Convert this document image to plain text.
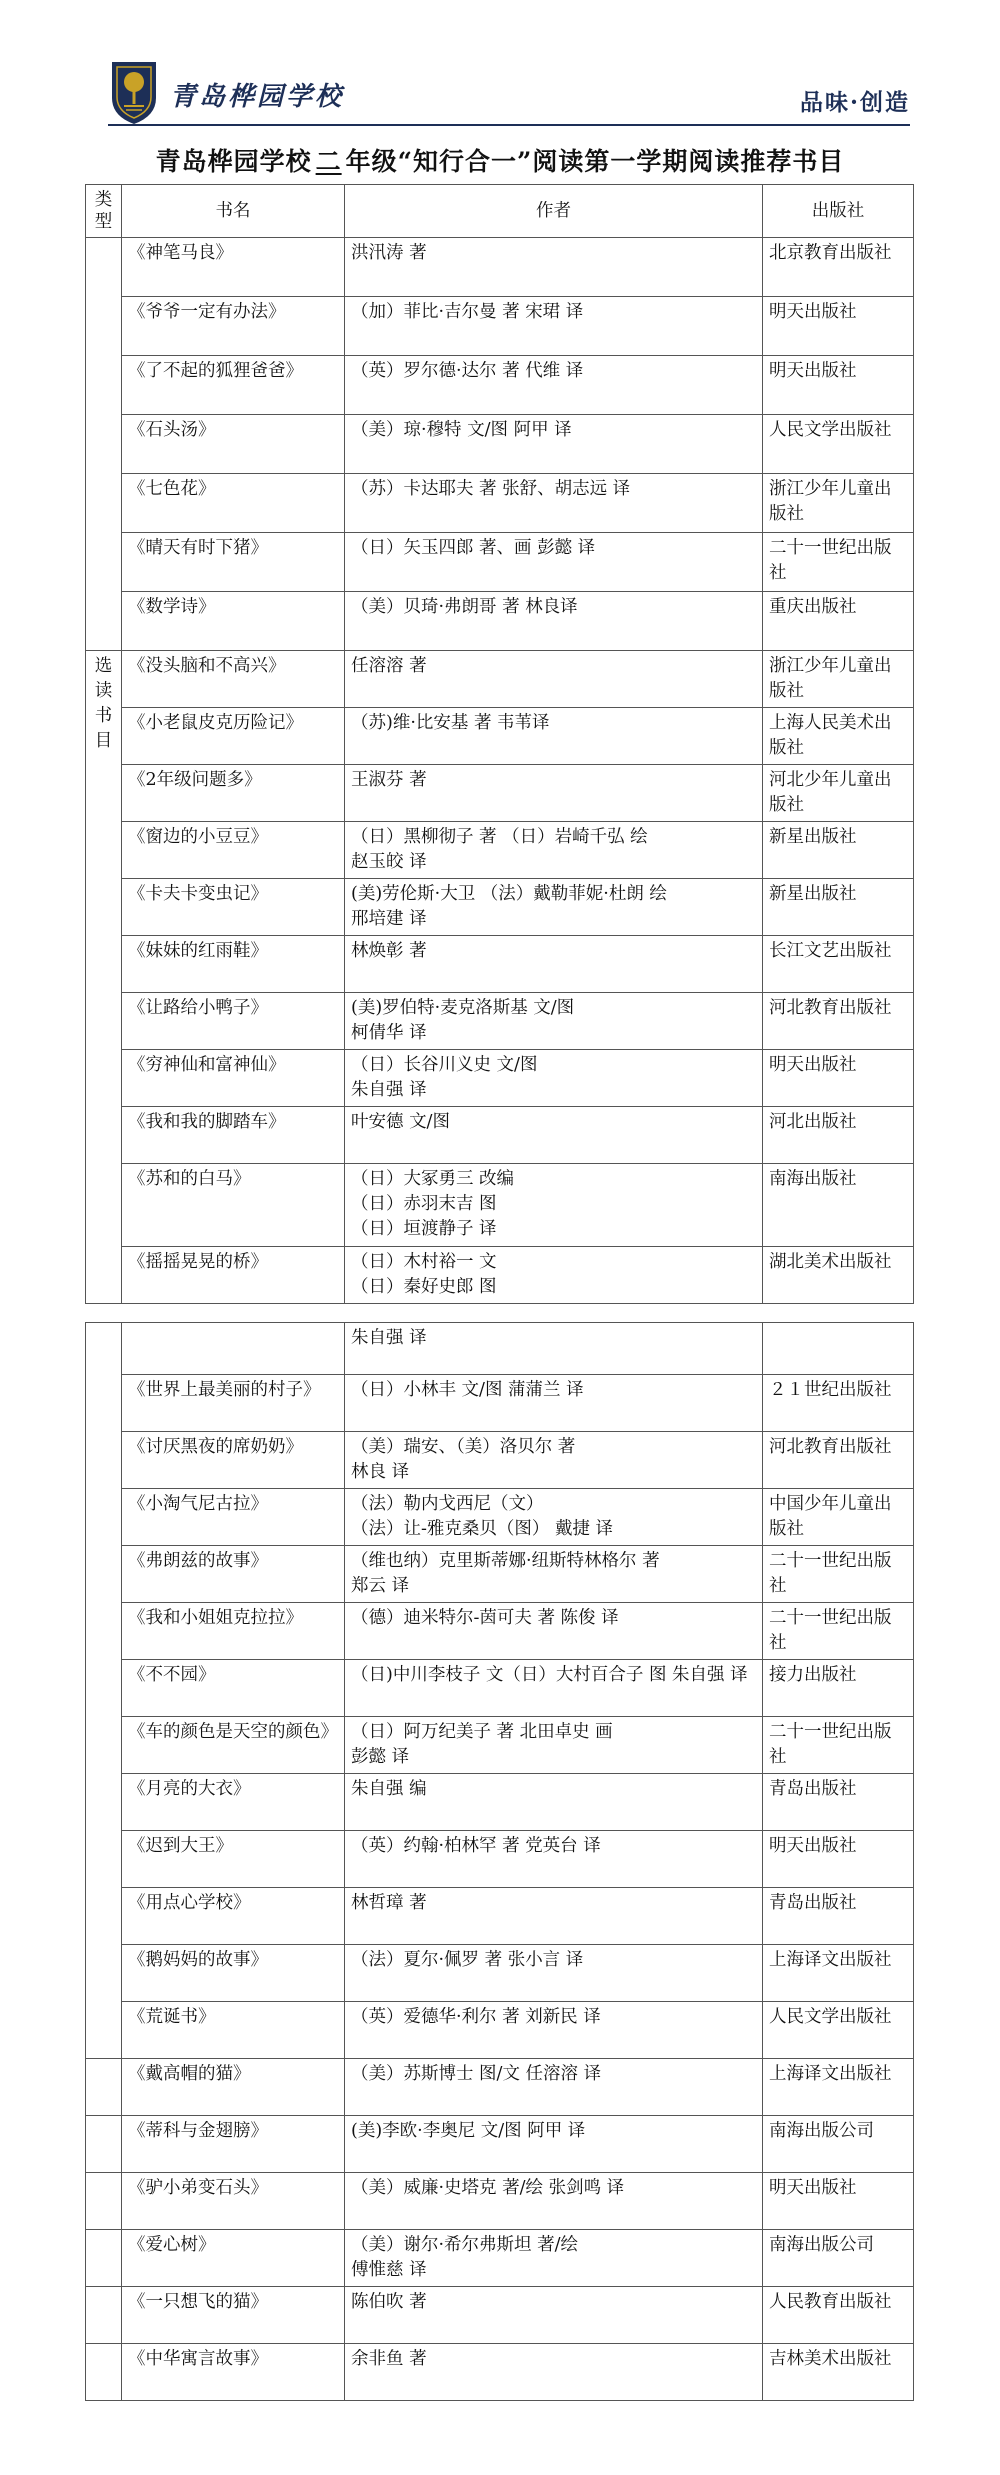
青岛桦园学校	品味·创造
青岛桦园学校 二 年级“知行合一”阅读第一学期阅读推荐书目
类型	书名	作者	出版社
	《神笔马良》	洪汛涛 著	北京教育出版社
	《爷爷一定有办法》	（加）菲比·吉尔曼 著 宋珺 译	明天出版社
	《了不起的狐狸爸爸》	（英）罗尔德·达尔 著 代维 译	明天出版社
	《石头汤》	（美）琼·穆特 文/图 阿甲 译	人民文学出版社
	《七色花》	（苏）卡达耶夫 著 张舒、胡志远 译	浙江少年儿童出版社
	《晴天有时下猪》	（日）矢玉四郎 著、画 彭懿 译	二十一世纪出版社
	《数学诗》	（美）贝琦·弗朗哥 著 林良译	重庆出版社

选
读
书
目	《没头脑和不高兴》	任溶溶 著	浙江少年儿童出版社
	《小老鼠皮克历险记》	（苏)维·比安基 著 韦苇译	上海人民美术出版社
	《2年级问题多》	王淑芬 著	河北少年儿童出版社
	《窗边的小豆豆》	（日）黑柳彻子 著 （日）岩崎千弘 绘
赵玉皎 译	新星出版社
	《卡夫卡变虫记》	(美)劳伦斯·大卫 （法）戴勒菲妮·杜朗 绘
邢培建 译	新星出版社
	《妹妹的红雨鞋》	林焕彰 著	长江文艺出版社
	《让路给小鸭子》	(美)罗伯特·麦克洛斯基 文/图
柯倩华 译	河北教育出版社
	《穷神仙和富神仙》	（日）长谷川义史 文/图
朱自强 译	明天出版社
	《我和我的脚踏车》	叶安德 文/图	河北出版社
	《苏和的白马》	（日）大冢勇三 改编
（日）赤羽末吉 图
（日）垣渡静子 译	南海出版社
	《摇摇晃晃的桥》	（日）木村裕一 文
（日）秦好史郎 图	湖北美术出版社

		朱自强 译	

	《世界上最美丽的村子》	（日）小林丰 文/图 蒲蒲兰 译	２１世纪出版社
	《讨厌黑夜的席奶奶》	（美）瑞安、（美）洛贝尔 著
林良 译	河北教育出版社
	《小淘气尼古拉》	（法）勒内戈西尼（文）
（法）让-雅克桑贝（图） 戴捷 译	中国少年儿童出版社
	《弗朗兹的故事》	（维也纳）克里斯蒂娜·纽斯特林格尔 著
郑云 译	二十一世纪出版社
	《我和小姐姐克拉拉》	（德）迪米特尔-茵可夫 著 陈俊 译	二十一世纪出版社
	《不不园》	（日)中川李枝子 文（日）大村百合子 图 朱自强 译	接力出版社
	《车的颜色是天空的颜色》	（日）阿万纪美子 著 北田卓史 画
彭懿 译	二十一世纪出版社
	《月亮的大衣》	朱自强 编	青岛出版社
	《迟到大王》	（英）约翰·柏林罕 著 党英台 译	明天出版社
	《用点心学校》	林哲璋 著	青岛出版社
	《鹅妈妈的故事》	（法）夏尔·佩罗 著 张小言 译	上海译文出版社
	《荒诞书》	（英）爱德华·利尔 著 刘新民 译	人民文学出版社
	《戴高帽的猫》	（美）苏斯博士 图/文 任溶溶 译	上海译文出版社
	《蒂科与金翅膀》	(美)李欧·李奥尼 文/图 阿甲 译	南海出版公司
	《驴小弟变石头》	（美）威廉·史塔克 著/绘 张剑鸣 译	明天出版社
	《爱心树》	（美）谢尔·希尔弗斯坦 著/绘
傅惟慈 译	南海出版公司
	《一只想飞的猫》	陈伯吹 著	人民教育出版社
	《中华寓言故事》	余非鱼 著	吉林美术出版社
